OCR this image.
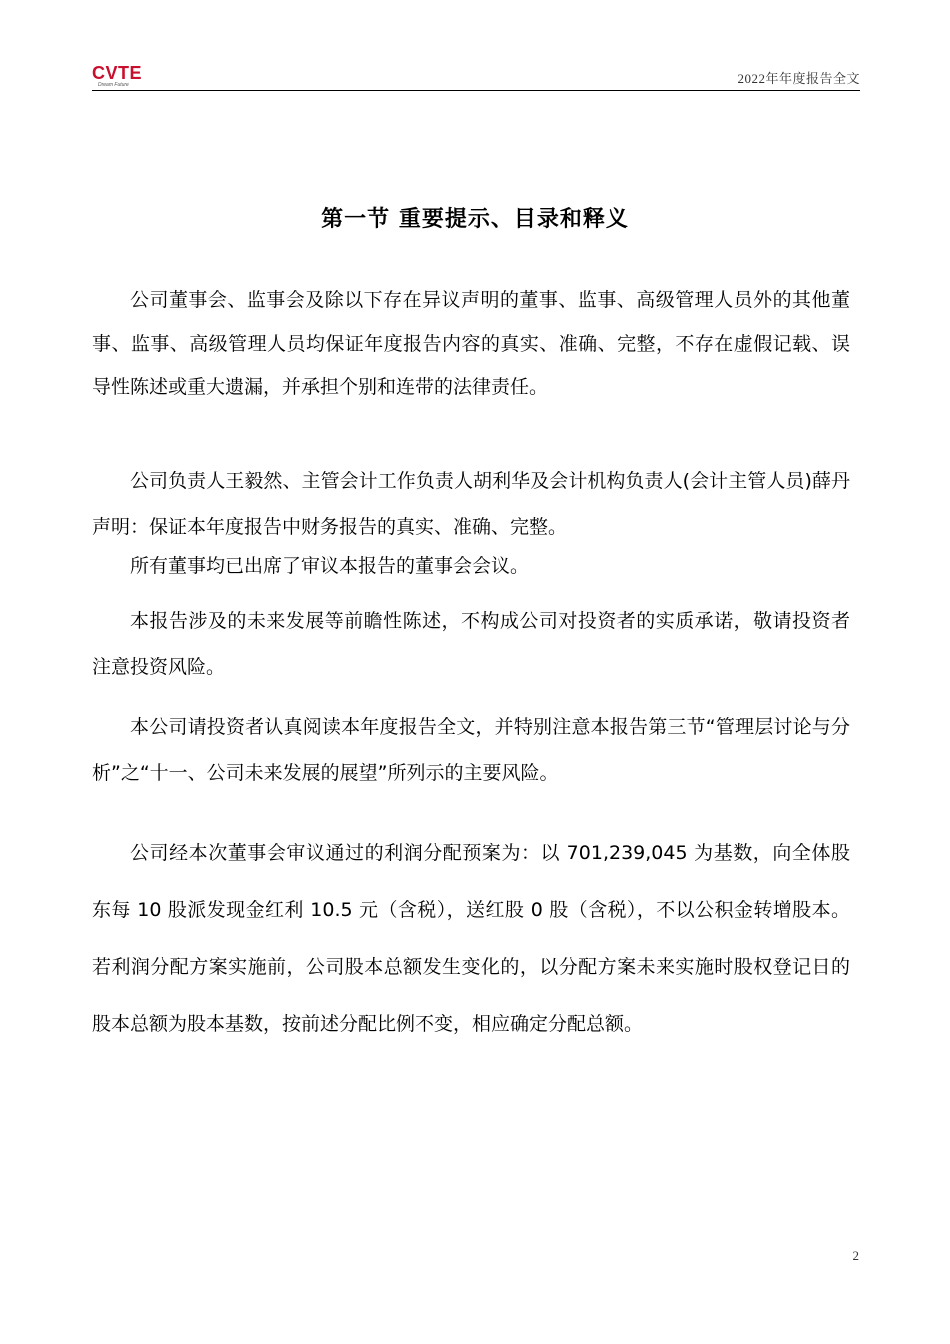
CVTE
Dream Future	2022年年度报告全文
第一节 重要提示、目录和释义

公司董事会、监事会及除以下存在异议声明的董事、监事、高级管理人员外的其他董事、监事、高级管理人员均保证年度报告内容的真实、准确、完整，不存在虚假记载、误导性陈述或重大遗漏，并承担个别和连带的法律责任。

公司负责人王毅然、主管会计工作负责人胡利华及会计机构负责人(会计主管人员)薛丹声明：保证本年度报告中财务报告的真实、准确、完整。

所有董事均已出席了审议本报告的董事会会议。

本报告涉及的未来发展等前瞻性陈述，不构成公司对投资者的实质承诺，敬请投资者注意投资风险。

本公司请投资者认真阅读本年度报告全文，并特别注意本报告第三节“管理层讨论与分析”之“十一、公司未来发展的展望”所列示的主要风险。

公司经本次董事会审议通过的利润分配预案为：以 701,239,045 为基数，向全体股东每 10 股派发现金红利 10.5 元（含税），送红股 0 股（含税），不以公积金转增股本。若利润分配方案实施前，公司股本总额发生变化的，以分配方案未来实施时股权登记日的股本总额为股本基数，按前述分配比例不变，相应确定分配总额。

2
